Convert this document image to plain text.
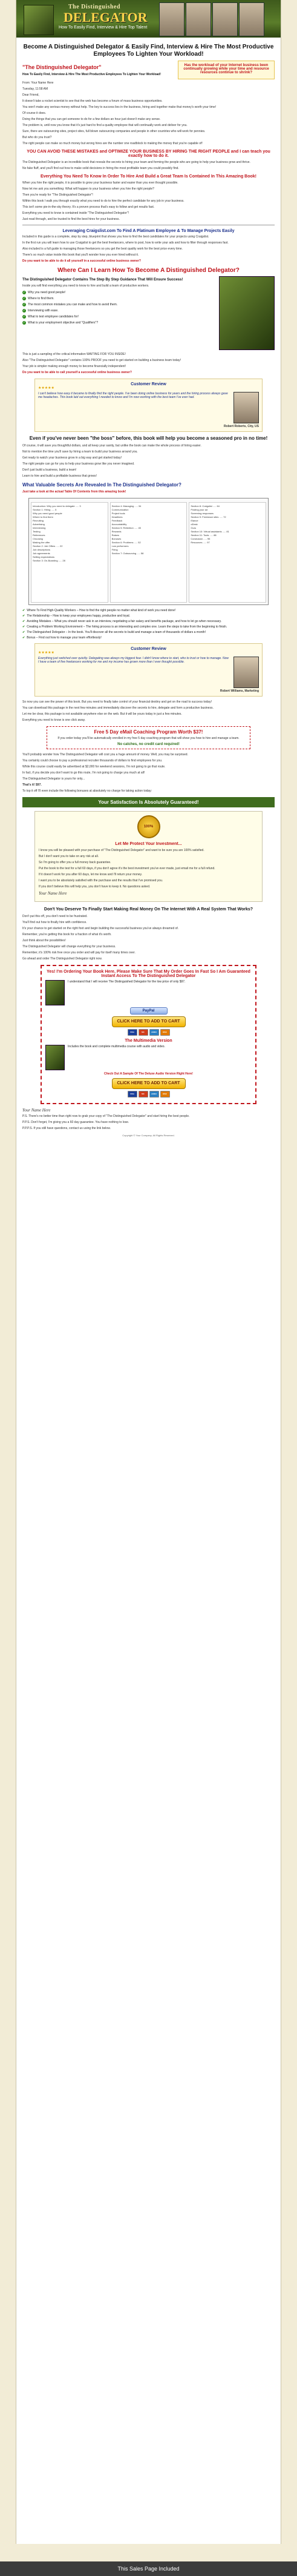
The Distinguished
DELEGATOR
How To Easily Find, Interview & Hire Top Talent
Become A Distinguished Delegator & Easily Find, Interview & Hire The Most Productive Employees To Lighten Your Workload!
"The Distinguished Delegator"
How To Easily Find, Interview & Hire The Most Productive Employees To Lighten Your Workload!
Has the workload of your Internet business been continually growing while your time and resource resources continue to shrink?
From: Your Name Here
Tuesday, 11:58 AM
Dear Friend,
It doesn't take a rocket scientist to see that the web has become a forum of mass business opportunities.
You won't make any serious money without help. The key to success lies in the business, hiring and together make that money's worth your time!
Of course it does.
Doing the things that you can get someone to do for a few dollars an hour just doesn't make any sense.
The problem is, until now you know that it's just hard to find a quality employee that will continually work and deliver for you.
Sure, there are outsourcing sites, project sites, full blown outsourcing companies and people in other countries who will work for pennies.
But who do you trust?
The right people can make so much money but wrong hires are the number one roadblock to making the money that you're capable of!
YOU CAN AVOID THESE MISTAKES and OPTIMIZE YOUR BUSINESS BY HIRING THE RIGHT PEOPLE and I can teach you exactly how to do it.
The Distinguished Delegator is an incredible book that reveals the secrets to hiring your team and forming the people who are going to help your business grow and thrive.
No fake fluff, and you'll find out how to make solid decisions in hiring the most profitable team you could possibly find.
Everything You Need To Know In Order To Hire And Build a Great Team Is Contained In This Amazing Book!
When you hire the right people, it is possible to grow your business faster and easier than you ever thought possible.
Now let me ask you something: What will happen to your business when you hire the right people?
Then you're ready for "The Distinguished Delegator"!
Within this book I walk you through exactly what you need to do to hire the perfect candidate for any job in your business.
This isn't some pie-in-the-sky theory. It's a proven process that's easy to follow and get results fast.
Everything you need to know is contained inside "The Distinguished Delegator"!
Just read through, and be trusted to find the best hires for your business.
Leveraging Craigslist.com To Find A Platinum Employee & To Manage Projects Easily
Included in this guide is a complete, step by step, blueprint that shows you how to find the best candidates for your projects using Craigslist.
In the first run you will learn how to use Craigslist to get the best freelancers, where to post, how to write your ads and how to filter through responses fast.
Also included is a full guide to managing those freelancers so you get the best quality work for the best price every time.
There's so much value inside this book that you'll wonder how you ever hired without it.
Do you want to be able to do it all yourself in a successful online business owner?
Where Can I Learn How To Become A Distinguished Delegator?
The Distinguished Delegator Contains The Step By Step Guidance That Will Ensure Success!
Inside you will find everything you need to know to hire and build a team of productive workers.
✓ Why you need good people!
✓ Where to find them.
✓ The most common mistakes you can make and how to avoid them.
✓ Interviewing with ease.
✓ What to test employee candidates for!
✓ What is your employment objective and "Qualifiers"?
This is just a sampling of the critical information WAITING FOR YOU INSIDE!
Also "The Distinguished Delegator" contains 100% PROOF you need to get started on building a business team today!
Your job is simpler making enough money to become financially independent!
Do you want to be able to call yourself a successful online business owner?
Customer Review
★★★★★
I can't believe how easy it became to finally find the right people. I've been doing online business for years and the hiring process always gave me headaches. This book laid out everything I needed to know and I'm now working with the best team I've ever had.
Robert Roberts, City, US
Even if you've never been "the boss" before, this book will help you become a seasoned pro in no time!
Of course, it will save you thoughtful dollars, and all keep your sanity, but unlike the book can make the whole process of hiring easier.
Not to mention the time you'll save by hiring a team to build your business around you.
Get ready to watch your business grow in a big way and get started today!
The right people can go for you to help your business grow like you never imagined.
Don't just build a business, build a team!
Learn to hire and build a profitable business that grows!
What Valuable Secrets Are Revealed In The Distinguished Delegator?
Just take a look at the actual Table Of Contents from this amazing book!
Introduction: Why you need to delegate ..... 3
Section 1: Hiring ..... 5
Why you need good people
Where to find them
Recruiting
Advertising
Interviewing
Testing
References
Choosing
Making the offer
Section 2: Job Offers ..... 22
Job descriptions
Job agreements
Setting expectations
Section 3: On-Boarding ..... 28
Section 4: Managing ..... 34
Communication
Project tools
Deadlines
Feedback
Accountability
Section 5: Retention ..... 45
Rewards
Raises
Bonuses
Section 6: Problems ..... 52
Low performers
Firing
Section 7: Outsourcing ..... 58
Section 8: Craigslist ..... 64
Posting your ad
Screening responses
Section 9: Freelance sites ..... 72
Elance
oDesk
Guru
Section 10: Virtual assistants ..... 81
Section 11: Tools ..... 88
Conclusion ..... 95
Resources ..... 97
✔ Where To Find High-Quality Workers – How to find the right people no matter what kind of work you need done!
✔ The Relationship – How to keep your employees happy, productive and loyal.
✔ Avoiding Mistakes – What you should never ask in an interview, negotiating a fair salary and benefits package, and how to let go when necessary.
✔ Creating a Problem Working Environment – The hiring process is an interesting and complex one. Learn the steps to take from the beginning to finish.
✔ The Distinguished Delegator – In the book. You'll discover all the secrets to build and manage a team of thousands of dollars a month!
✔ Bonus – Find out how to manage your team effortlessly!
Customer Review
★★★★★
Everything just switched over quickly. Delegating was always my biggest fear. I didn't know where to start, who to trust or how to manage. Now I have a team of five freelancers working for me and my income has grown more than I ever thought possible.
Robert Williams, Marketing
So now you can see the power of this book. But you need to finally take control of your financial destiny and get on the road to success today!
You can download this package in the next few minutes and immediately discover the secrets to hire, delegate and form a productive business.
Let me be clear, this package is not available anywhere else on the web. But it will be yours today in just a few minutes.
Everything you need to know is one click away.
Free 5 Day eMail Coaching Program Worth $37!
If you order today you'll be automatically enrolled in my free 5 day coaching program that will show you how to hire and manage a team.
No catches, no credit card required!
You'll probably wonder how The Distinguished Delegator will cost you a huge amount of money. Well, you may be surprised.
You certainly could choose to pay a professional recruiter thousands of dollars to find employees for you.
While this course could easily be advertised at $2,000 for weekend sessions, I'm not going to go that route.
In fact, if you decide you don't want to go this route, I'm not going to charge you much at all!
The Distinguished Delegator is yours for only...
That's it! $97.
To top it off I'll even include the following bonuses at absolutely no charge for taking action today:
Your Satisfaction Is Absolutely Guaranteed!
100%
Let Me Protect Your Investment...
I know you will be pleased with your purchase of "The Distinguished Delegator" and want to be sure you are 100% satisfied.
But I don't want you to take on any risk at all.
So I'm going to offer you a full money back guarantee.
Put the book to the test for a full 60 days, if you don't agree it's the best investment you've ever made, just email me for a full refund.
If it doesn't work for you after 60 days, let me know and I'll return your money.
I want you to be absolutely satisfied with the purchase and the results that I've promised you.
If you don't believe this will help you, you don't have to keep it. No questions asked.
Your Name Here
Don't You Deserve To Finally Start Making Real Money On The Internet With A Real System That Works?
Don't put this off, you don't need to be frustrated.
You'll find out how to finally hire with confidence.
It's your chance to get started on the right foot and begin building the successful business you've always dreamed of.
Remember, you're getting this book for a fraction of what it's worth.
Just think about the possibilities!
The Distinguished Delegator will change everything for your business.
Remember, it's 100% risk free once you order and will pay for itself many times over.
Go ahead and order The Distinguished Delegator right now.
Yes! I'm Ordering Your Book Here, Please Make Sure That My Order Goes In Fast So I Am Guaranteed Instant Access To The Distinguished Delegator
I understand that I will receive The Distinguished Delegator for the low price of only $97.
PayPal
CLICK HERE TO ADD TO CART
VISA	MC	AMEX	DISC
The Multimedia Version
Includes the book and complete multimedia course with audio and video.
Check Out A Sample Of The Deluxe Audio Version Right Here!
CLICK HERE TO ADD TO CART
VISA	MC	AMEX	DISC
Your Name Here
P.S. There's no better time than right now to grab your copy of "The Distinguished Delegator" and start hiring the best people.
P.P.S. Don't forget, I'm giving you a 60 day guarantee. You have nothing to lose.
P.P.P.S. If you still have questions, contact us using the link below.
Copyright © Your Company. All Rights Reserved.
This Sales Page Included
